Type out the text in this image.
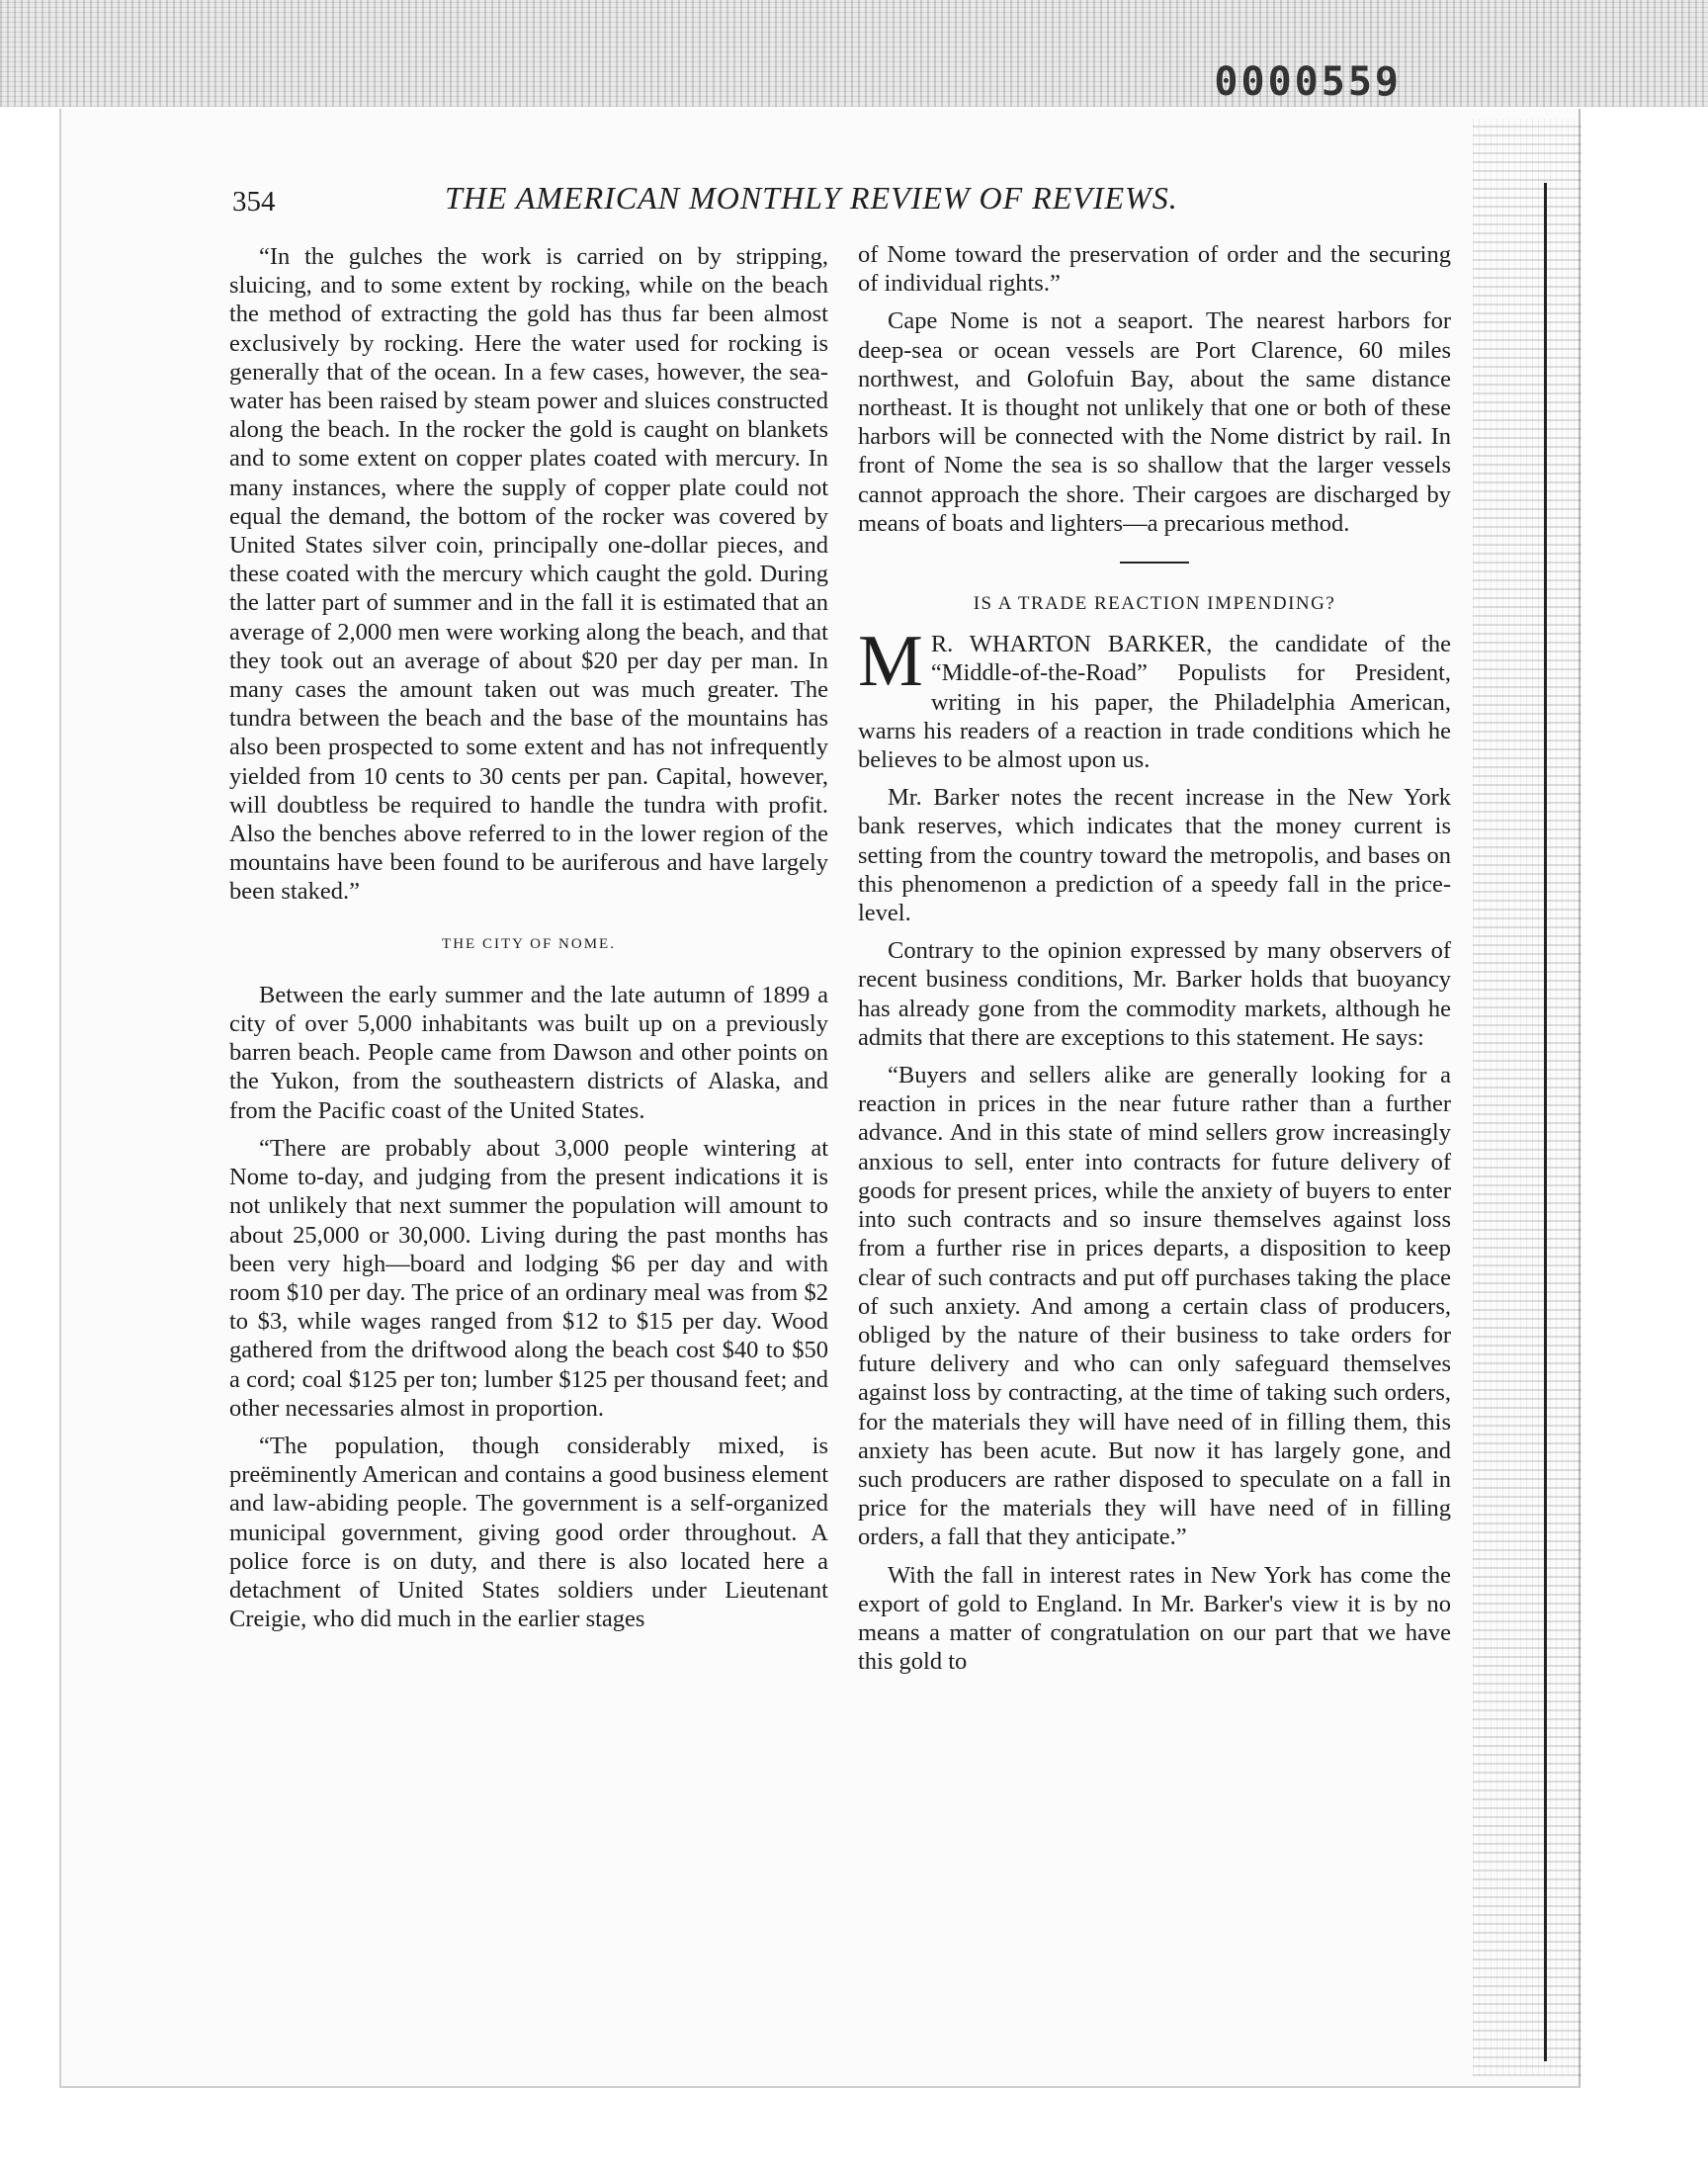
0000559
354	THE AMERICAN MONTHLY REVIEW OF REVIEWS.

“In the gulches the work is carried on by stripping, sluicing, and to some extent by rocking, while on the beach the method of extracting the gold has thus far been almost exclusively by rocking. Here the water used for rocking is generally that of the ocean. In a few cases, however, the sea-water has been raised by steam power and sluices constructed along the beach. In the rocker the gold is caught on blankets and to some extent on copper plates coated with mercury. In many instances, where the supply of copper plate could not equal the demand, the bottom of the rocker was covered by United States silver coin, principally one-dollar pieces, and these coated with the mercury which caught the gold. During the latter part of summer and in the fall it is estimated that an average of 2,000 men were working along the beach, and that they took out an average of about $20 per day per man. In many cases the amount taken out was much greater. The tundra between the beach and the base of the mountains has also been prospected to some extent and has not infrequently yielded from 10 cents to 30 cents per pan. Capital, however, will doubtless be required to handle the tundra with profit. Also the benches above referred to in the lower region of the mountains have been found to be auriferous and have largely been staked.”

THE CITY OF NOME.

Between the early summer and the late autumn of 1899 a city of over 5,000 inhabitants was built up on a previously barren beach. People came from Dawson and other points on the Yukon, from the southeastern districts of Alaska, and from the Pacific coast of the United States.

“There are probably about 3,000 people wintering at Nome to-day, and judging from the present indications it is not unlikely that next summer the population will amount to about 25,000 or 30,000. Living during the past months has been very high—board and lodging $6 per day and with room $10 per day. The price of an ordinary meal was from $2 to $3, while wages ranged from $12 to $15 per day. Wood gathered from the driftwood along the beach cost $40 to $50 a cord; coal $125 per ton; lumber $125 per thousand feet; and other necessaries almost in proportion.

“The population, though considerably mixed, is preëminently American and contains a good business element and law-abiding people. The government is a self-organized municipal government, giving good order throughout. A police force is on duty, and there is also located here a detachment of United States soldiers under Lieutenant Creigie, who did much in the earlier stages

of Nome toward the preservation of order and the securing of individual rights.”

Cape Nome is not a seaport. The nearest harbors for deep-sea or ocean vessels are Port Clarence, 60 miles northwest, and Golofuin Bay, about the same distance northeast. It is thought not unlikely that one or both of these harbors will be connected with the Nome district by rail. In front of Nome the sea is so shallow that the larger vessels cannot approach the shore. Their cargoes are discharged by means of boats and lighters—a precarious method.

IS A TRADE REACTION IMPENDING?

M R. WHARTON BARKER, the candidate of the “Middle-of-the-Road” Populists for President, writing in his paper, the Philadelphia American, warns his readers of a reaction in trade conditions which he believes to be almost upon us.

Mr. Barker notes the recent increase in the New York bank reserves, which indicates that the money current is setting from the country toward the metropolis, and bases on this phenomenon a prediction of a speedy fall in the price-level.

Contrary to the opinion expressed by many observers of recent business conditions, Mr. Barker holds that buoyancy has already gone from the commodity markets, although he admits that there are exceptions to this statement. He says:

“Buyers and sellers alike are generally looking for a reaction in prices in the near future rather than a further advance. And in this state of mind sellers grow increasingly anxious to sell, enter into contracts for future delivery of goods for present prices, while the anxiety of buyers to enter into such contracts and so insure themselves against loss from a further rise in prices departs, a disposition to keep clear of such contracts and put off purchases taking the place of such anxiety. And among a certain class of producers, obliged by the nature of their business to take orders for future delivery and who can only safeguard themselves against loss by contracting, at the time of taking such orders, for the materials they will have need of in filling them, this anxiety has been acute. But now it has largely gone, and such producers are rather disposed to speculate on a fall in price for the materials they will have need of in filling orders, a fall that they anticipate.”

With the fall in interest rates in New York has come the export of gold to England. In Mr. Barker's view it is by no means a matter of congratulation on our part that we have this gold to
